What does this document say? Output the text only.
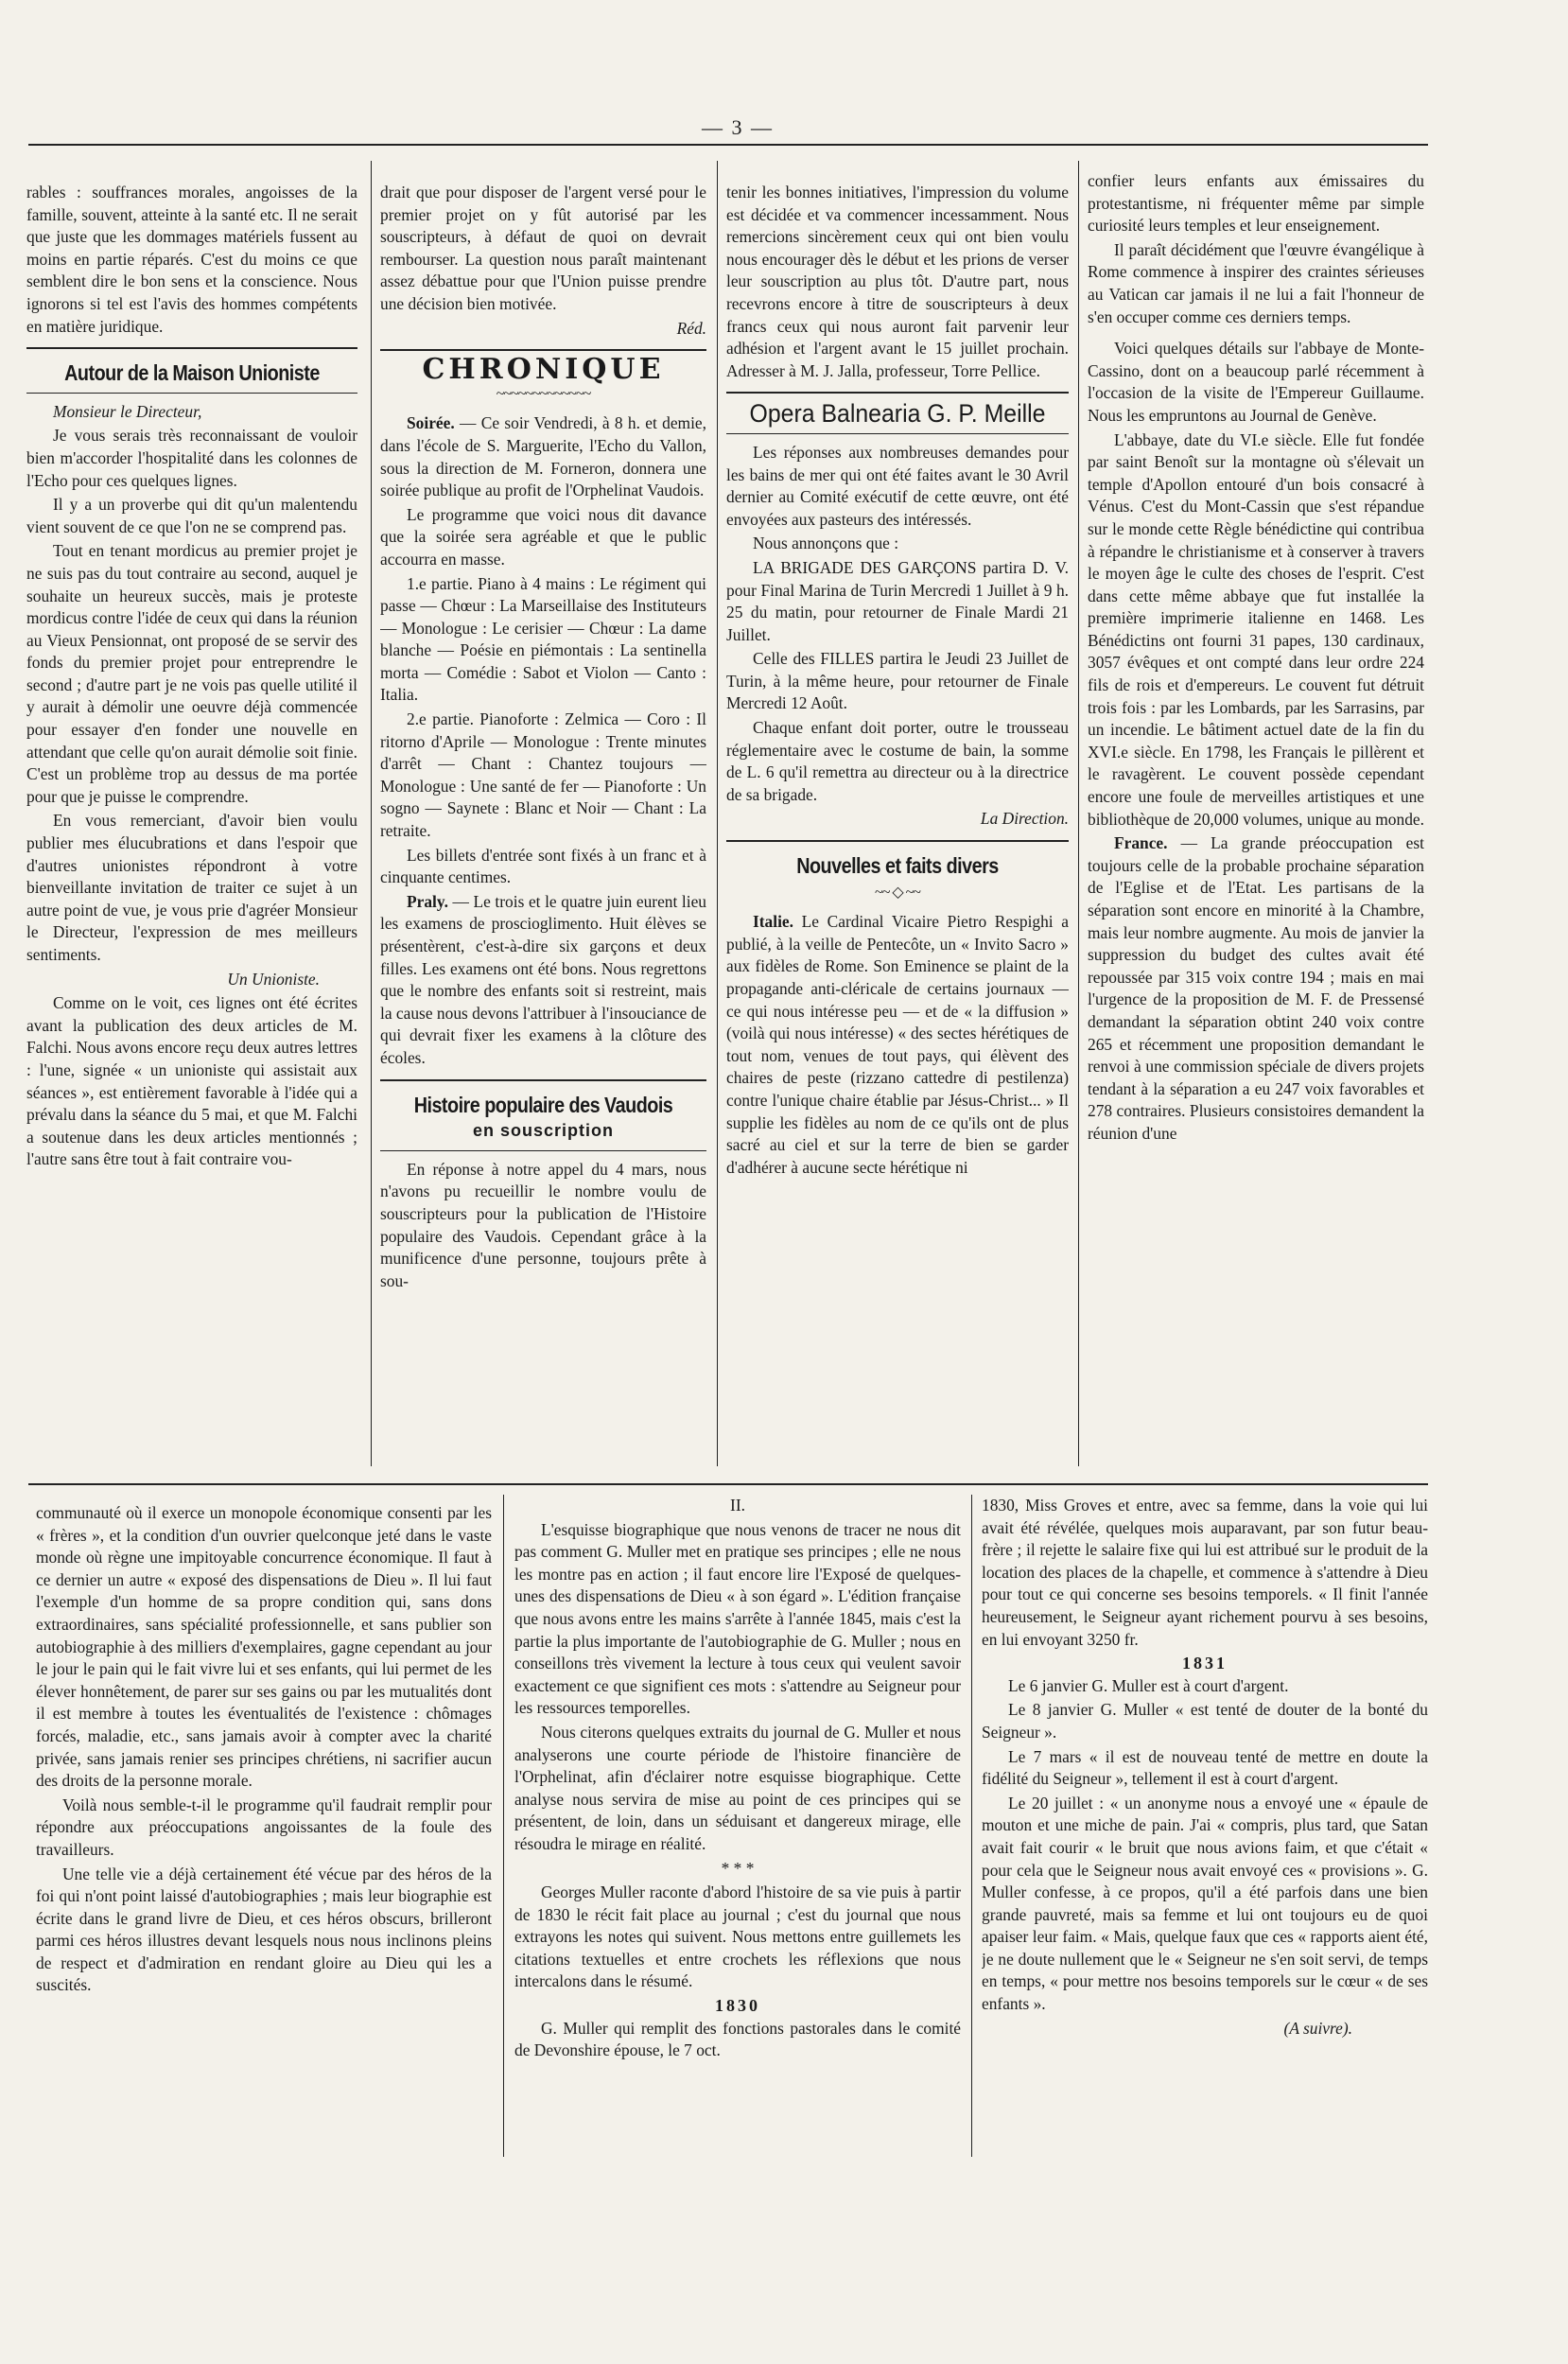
— 3 —

rables : souffrances morales, angoisses de la famille, souvent, atteinte à la santé etc. Il ne serait que juste que les dommages matériels fussent au moins en partie réparés. C'est du moins ce que semblent dire le bon sens et la conscience. Nous ignorons si tel est l'avis des hommes compétents en matière juridique.

Autour de la Maison Unioniste

Monsieur le Directeur,

Je vous serais très reconnaissant de vouloir bien m'accorder l'hospitalité dans les colonnes de l'Echo pour ces quelques lignes.

Il y a un proverbe qui dit qu'un malentendu vient souvent de ce que l'on ne se comprend pas.

Tout en tenant mordicus au premier projet je ne suis pas du tout contraire au second, auquel je souhaite un heureux succès, mais je proteste mordicus contre l'idée de ceux qui dans la réunion au Vieux Pensionnat, ont proposé de se servir des fonds du premier projet pour entreprendre le second ; d'autre part je ne vois pas quelle utilité il y aurait à démolir une oeuvre déjà commencée pour essayer d'en fonder une nouvelle en attendant que celle qu'on aurait démolie soit finie. C'est un problème trop au dessus de ma portée pour que je puisse le comprendre.

En vous remerciant, d'avoir bien voulu publier mes élucubrations et dans l'espoir que d'autres unionistes répondront à votre bienveillante invitation de traiter ce sujet à un autre point de vue, je vous prie d'agréer Monsieur le Directeur, l'expression de mes meilleurs sentiments.

Un Unioniste.

Comme on le voit, ces lignes ont été écrites avant la publication des deux articles de M. Falchi. Nous avons encore reçu deux autres lettres : l'une, signée « un unioniste qui assistait aux séances », est entièrement favorable à l'idée qui a prévalu dans la séance du 5 mai, et que M. Falchi a soutenue dans les deux articles mentionnés ; l'autre sans être tout à fait contraire vou-

drait que pour disposer de l'argent versé pour le premier projet on y fût autorisé par les souscripteurs, à défaut de quoi on devrait rembourser. La question nous paraît maintenant assez débattue pour que l'Union puisse prendre une décision bien motivée.

Réd.

CHRONIQUE
~~~~~~~~~~~~~

Soirée. — Ce soir Vendredi, à 8 h. et demie, dans l'école de S. Marguerite, l'Echo du Vallon, sous la direction de M. Forneron, donnera une soirée publique au profit de l'Orphelinat Vaudois.

Le programme que voici nous dit davance que la soirée sera agréable et que le public accourra en masse.

1.e partie. Piano à 4 mains : Le régiment qui passe — Chœur : La Marseillaise des Instituteurs — Monologue : Le cerisier — Chœur : La dame blanche — Poésie en piémontais : La sentinella morta — Comédie : Sabot et Violon — Canto : Italia.

2.e partie. Pianoforte : Zelmica — Coro : Il ritorno d'Aprile — Monologue : Trente minutes d'arrêt — Chant : Chantez toujours — Monologue : Une santé de fer — Pianoforte : Un sogno — Saynete : Blanc et Noir — Chant : La retraite.

Les billets d'entrée sont fixés à un franc et à cinquante centimes.

Praly. — Le trois et le quatre juin eurent lieu les examens de proscioglimento. Huit élèves se présentèrent, c'est-à-dire six garçons et deux filles. Les examens ont été bons. Nous regrettons que le nombre des enfants soit si restreint, mais la cause nous devons l'attribuer à l'insouciance de qui devrait fixer les examens à la clôture des écoles.

Histoire populaire des Vaudois
en souscription

En réponse à notre appel du 4 mars, nous n'avons pu recueillir le nombre voulu de souscripteurs pour la publication de l'Histoire populaire des Vaudois. Cependant grâce à la munificence d'une personne, toujours prête à sou-

tenir les bonnes initiatives, l'impression du volume est décidée et va commencer incessamment. Nous remercions sincèrement ceux qui ont bien voulu nous encourager dès le début et les prions de verser leur souscription au plus tôt. D'autre part, nous recevrons encore à titre de souscripteurs à deux francs ceux qui nous auront fait parvenir leur adhésion et l'argent avant le 15 juillet prochain. Adresser à M. J. Jalla, professeur, Torre Pellice.

Opera Balnearia G. P. Meille

Les réponses aux nombreuses demandes pour les bains de mer qui ont été faites avant le 30 Avril dernier au Comité exécutif de cette œuvre, ont été envoyées aux pasteurs des intéressés.

Nous annonçons que :

LA BRIGADE DES GARÇONS partira D. V. pour Final Marina de Turin Mercredi 1 Juillet à 9 h. 25 du matin, pour retourner de Finale Mardi 21 Juillet.

Celle des FILLES partira le Jeudi 23 Juillet de Turin, à la même heure, pour retourner de Finale Mercredi 12 Août.

Chaque enfant doit porter, outre le trousseau réglementaire avec le costume de bain, la somme de L. 6 qu'il remettra au directeur ou à la directrice de sa brigade.

La Direction.

Nouvelles et faits divers
~~ ◇ ~~

Italie. Le Cardinal Vicaire Pietro Respighi a publié, à la veille de Pentecôte, un « Invito Sacro » aux fidèles de Rome. Son Eminence se plaint de la propagande anti-cléricale de certains journaux — ce qui nous intéresse peu — et de « la diffusion » (voilà qui nous intéresse) « des sectes hérétiques de tout nom, venues de tout pays, qui élèvent des chaires de peste (rizzano cattedre di pestilenza) contre l'unique chaire établie par Jésus-Christ... » Il supplie les fidèles au nom de ce qu'ils ont de plus sacré au ciel et sur la terre de bien se garder d'adhérer à aucune secte hérétique ni

confier leurs enfants aux émissaires du protestantisme, ni fréquenter même par simple curiosité leurs temples et leur enseignement.

Il paraît décidément que l'œuvre évangélique à Rome commence à inspirer des craintes sérieuses au Vatican car jamais il ne lui a fait l'honneur de s'en occuper comme ces derniers temps.

Voici quelques détails sur l'abbaye de Monte-Cassino, dont on a beaucoup parlé récemment à l'occasion de la visite de l'Empereur Guillaume. Nous les empruntons au Journal de Genève.

L'abbaye, date du VI.e siècle. Elle fut fondée par saint Benoît sur la montagne où s'élevait un temple d'Apollon entouré d'un bois consacré à Vénus. C'est du Mont-Cassin que s'est répandue sur le monde cette Règle bénédictine qui contribua à répandre le christianisme et à conserver à travers le moyen âge le culte des choses de l'esprit. C'est dans cette même abbaye que fut installée la première imprimerie italienne en 1468. Les Bénédictins ont fourni 31 papes, 130 cardinaux, 3057 évêques et ont compté dans leur ordre 224 fils de rois et d'empereurs. Le couvent fut détruit trois fois : par les Lombards, par les Sarrasins, par un incendie. Le bâtiment actuel date de la fin du XVI.e siècle. En 1798, les Français le pillèrent et le ravagèrent. Le couvent possède cependant encore une foule de merveilles artistiques et une bibliothèque de 20,000 volumes, unique au monde.

France. — La grande préoccupation est toujours celle de la probable prochaine séparation de l'Eglise et de l'Etat. Les partisans de la séparation sont encore en minorité à la Chambre, mais leur nombre augmente. Au mois de janvier la suppression du budget des cultes avait été repoussée par 315 voix contre 194 ; mais en mai l'urgence de la proposition de M. F. de Pressensé demandant la séparation obtint 240 voix contre 265 et récemment une proposition demandant le renvoi à une commission spéciale de divers projets tendant à la séparation a eu 247 voix favorables et 278 contraires. Plusieurs consistoires demandent la réunion d'une

communauté où il exerce un monopole économique consenti par les « frères », et la condition d'un ouvrier quelconque jeté dans le vaste monde où règne une impitoyable concurrence économique. Il faut à ce dernier un autre « exposé des dispensations de Dieu ». Il lui faut l'exemple d'un homme de sa propre condition qui, sans dons extraordinaires, sans spécialité professionnelle, et sans publier son autobiographie à des milliers d'exemplaires, gagne cependant au jour le jour le pain qui le fait vivre lui et ses enfants, qui lui permet de les élever honnêtement, de parer sur ses gains ou par les mutualités dont il est membre à toutes les éventualités de l'existence : chômages forcés, maladie, etc., sans jamais avoir à compter avec la charité privée, sans jamais renier ses principes chrétiens, ni sacrifier aucun des droits de la personne morale.

Voilà nous semble-t-il le programme qu'il faudrait remplir pour répondre aux préoccupations angoissantes de la foule des travailleurs.

Une telle vie a déjà certainement été vécue par des héros de la foi qui n'ont point laissé d'autobiographies ; mais leur biographie est écrite dans le grand livre de Dieu, et ces héros obscurs, brilleront parmi ces héros illustres devant lesquels nous nous inclinons pleins de respect et d'admiration en rendant gloire au Dieu qui les a suscités.

II.

L'esquisse biographique que nous venons de tracer ne nous dit pas comment G. Muller met en pratique ses principes ; elle ne nous les montre pas en action ; il faut encore lire l'Exposé de quelques-unes des dispensations de Dieu « à son égard ». L'édition française que nous avons entre les mains s'arrête à l'année 1845, mais c'est la partie la plus importante de l'autobiographie de G. Muller ; nous en conseillons très vivement la lecture à tous ceux qui veulent savoir exactement ce que signifient ces mots : s'attendre au Seigneur pour les ressources temporelles.

Nous citerons quelques extraits du journal de G. Muller et nous analyserons une courte période de l'histoire financière de l'Orphelinat, afin d'éclairer notre esquisse biographique. Cette analyse nous servira de mise au point de ces principes qui se présentent, de loin, dans un séduisant et dangereux mirage, elle résoudra le mirage en réalité.

* * *

Georges Muller raconte d'abord l'histoire de sa vie puis à partir de 1830 le récit fait place au journal ; c'est du journal que nous extrayons les notes qui suivent. Nous mettons entre guillemets les citations textuelles et entre crochets les réflexions que nous intercalons dans le résumé.

1830

G. Muller qui remplit des fonctions pastorales dans le comité de Devonshire épouse, le 7 oct.

1830, Miss Groves et entre, avec sa femme, dans la voie qui lui avait été révélée, quelques mois auparavant, par son futur beau-frère ; il rejette le salaire fixe qui lui est attribué sur le produit de la location des places de la chapelle, et commence à s'attendre à Dieu pour tout ce qui concerne ses besoins temporels. « Il finit l'année heureusement, le Seigneur ayant richement pourvu à ses besoins, en lui envoyant 3250 fr.

1831

Le 6 janvier G. Muller est à court d'argent.

Le 8 janvier G. Muller « est tenté de douter de la bonté du Seigneur ».

Le 7 mars « il est de nouveau tenté de mettre en doute la fidélité du Seigneur », tellement il est à court d'argent.

Le 20 juillet : « un anonyme nous a envoyé une « épaule de mouton et une miche de pain. J'ai « compris, plus tard, que Satan avait fait courir « le bruit que nous avions faim, et que c'était « pour cela que le Seigneur nous avait envoyé ces « provisions ». G. Muller confesse, à ce propos, qu'il a été parfois dans une bien grande pauvreté, mais sa femme et lui ont toujours eu de quoi apaiser leur faim. « Mais, quelque faux que ces « rapports aient été, je ne doute nullement que le « Seigneur ne s'en soit servi, de temps en temps, « pour mettre nos besoins temporels sur le cœur « de ses enfants ».

(A suivre).
